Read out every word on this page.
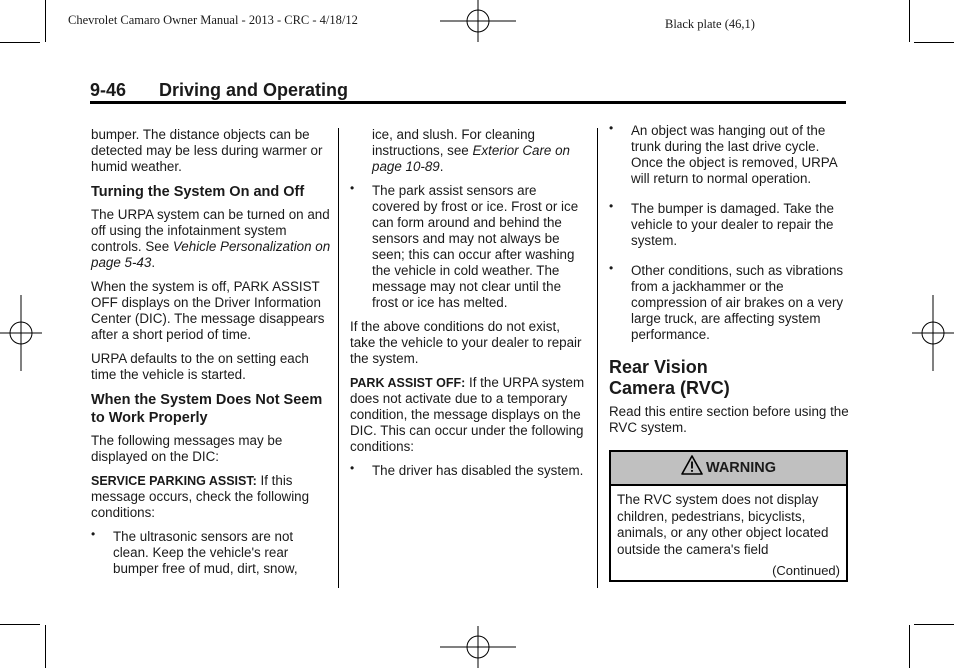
Chevrolet Camaro Owner Manual - 2013 - CRC - 4/18/12	Black plate (46,1)
9-46 Driving and Operating

bumper. The distance objects can be detected may be less during warmer or humid weather.

Turning the System On and Off

The URPA system can be turned on and off using the infotainment system controls. See Vehicle Personalization on page 5-43.

When the system is off, PARK ASSIST OFF displays on the Driver Information Center (DIC). The message disappears after a short period of time.

URPA defaults to the on setting each time the vehicle is started.

When the System Does Not Seem to Work Properly

The following messages may be displayed on the DIC:

SERVICE PARKING ASSIST: If this message occurs, check the following conditions:

• The ultrasonic sensors are not clean. Keep the vehicle's rear bumper free of mud, dirt, snow,

ice, and slush. For cleaning instructions, see Exterior Care on page 10-89.

• The park assist sensors are covered by frost or ice. Frost or ice can form around and behind the sensors and may not always be seen; this can occur after washing the vehicle in cold weather. The message may not clear until the frost or ice has melted.

If the above conditions do not exist, take the vehicle to your dealer to repair the system.

PARK ASSIST OFF: If the URPA system does not activate due to a temporary condition, the message displays on the DIC. This can occur under the following conditions:

• The driver has disabled the system.
• An object was hanging out of the trunk during the last drive cycle. Once the object is removed, URPA will return to normal operation.
• The bumper is damaged. Take the vehicle to your dealer to repair the system.
• Other conditions, such as vibrations from a jackhammer or the compression of air brakes on a very large truck, are affecting system performance.
Rear Vision
Camera (RVC)

Read this entire section before using the RVC system.

WARNING
The RVC system does not display children, pedestrians, bicyclists, animals, or any other object located outside the camera's field
(Continued)
